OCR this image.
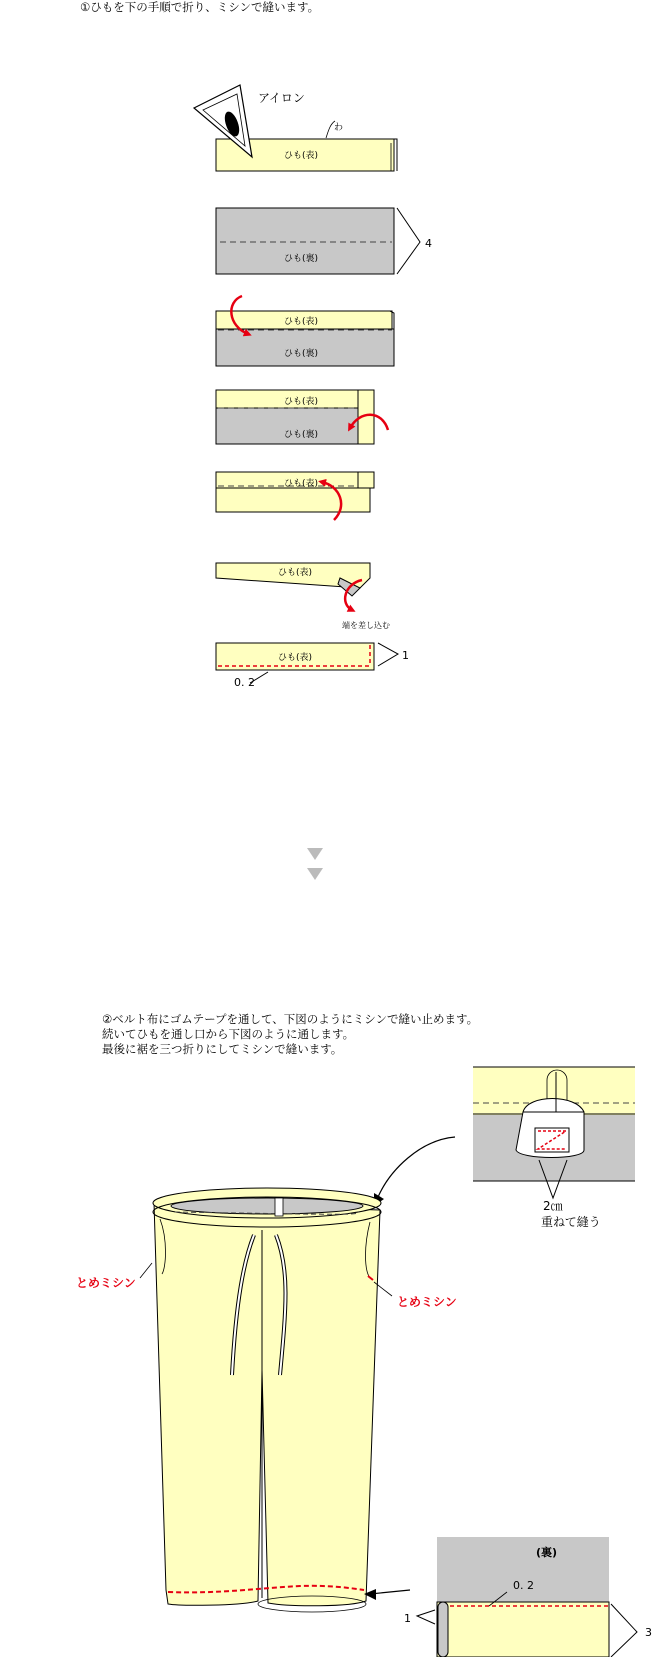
①ひもを下の手順で折り、ミシンで縫います。
アイロン
わ
ひも(表)
ひも(裏)
4
ひも(表)
ひも(裏)
ひも(表)
ひも(裏)
ひも(表)
ひも(表)
端を差し込む
ひも(表)	1
0. 2
②ベルト布にゴムテープを通して、下図のようにミシンで縫い止めます。
続いてひもを通し口から下図のように通します。
最後に裾を三つ折りにしてミシンで縫います。
とめミシン
とめミシン
2㎝
重ねて縫う
(裏)
0. 2
1
3
